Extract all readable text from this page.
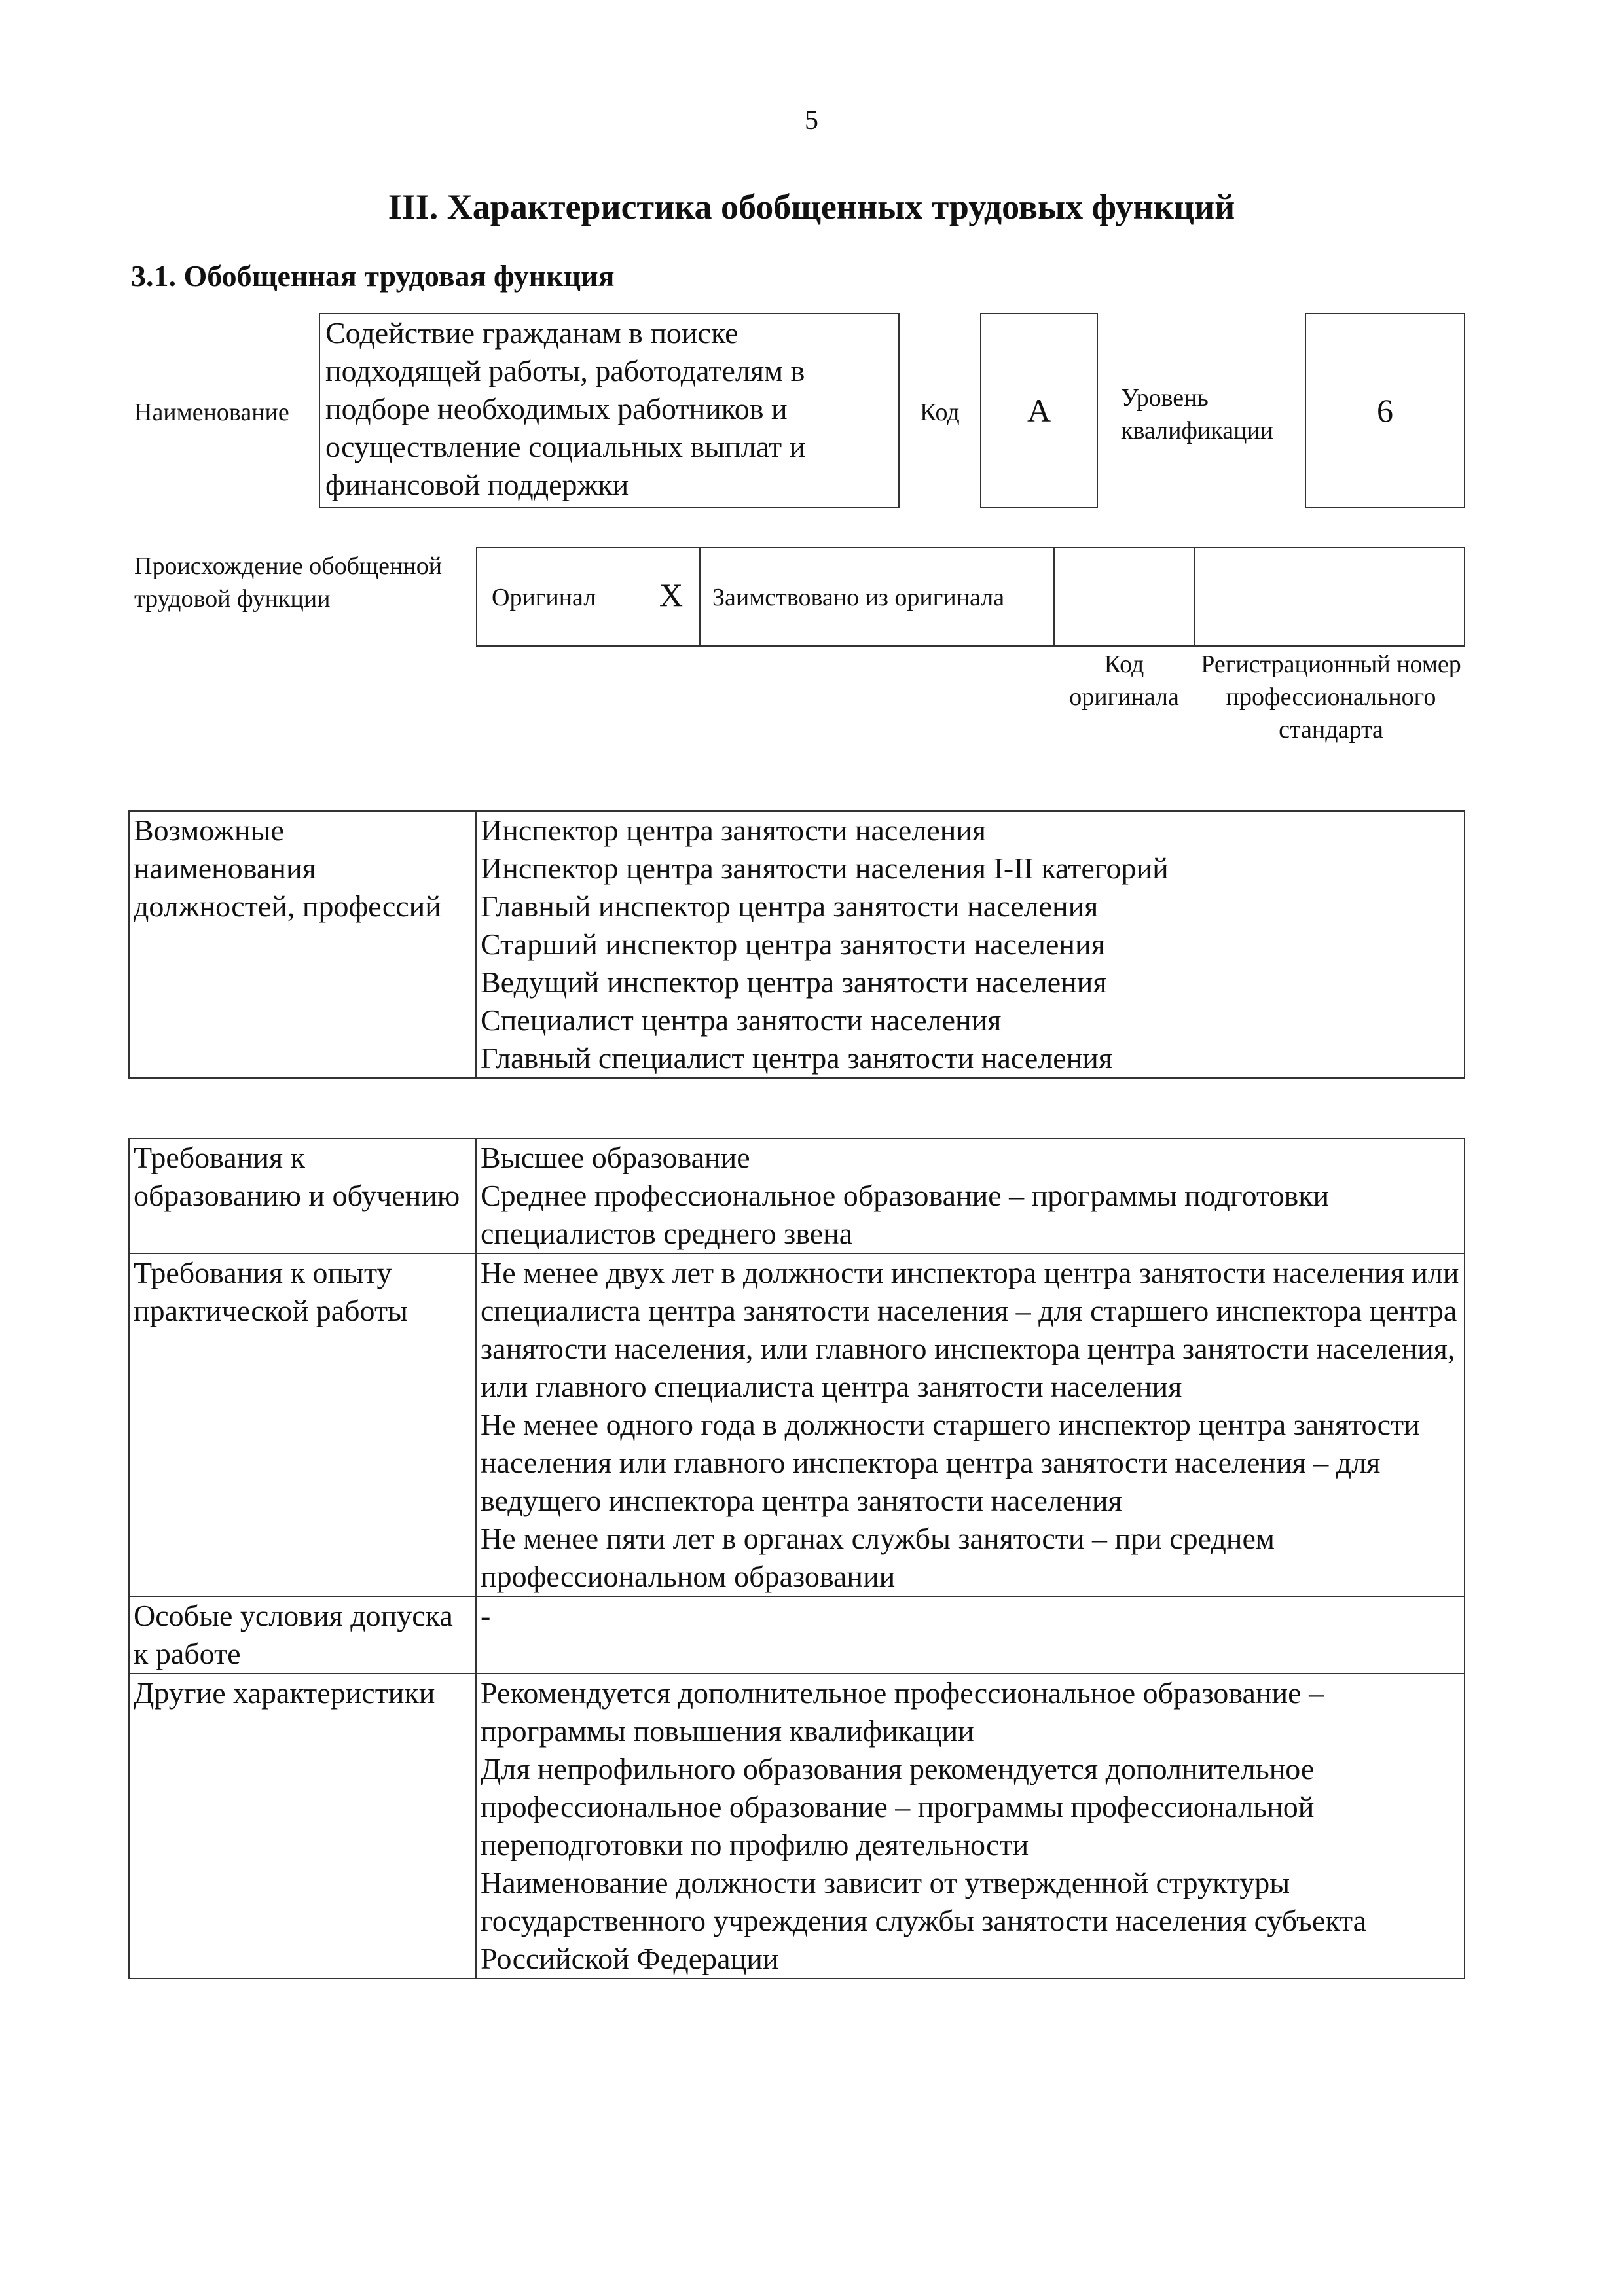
5
III. Характеристика обобщенных трудовых функций
3.1. Обобщенная трудовая функция
Наименование
Содействие гражданам в поиске подходящей работы, работодателям в подборе необходимых работников и осуществление социальных выплат и финансовой поддержки
Код A	Уровень квалификации
6
Происхождение обобщенной трудовой функции	Оригинал X Заимствовано из оригинала
Код оригинала
Регистрационный номер профессионального стандарта
Возможные наименования должностей, профессий	
Инспектор центра занятости населения
Инспектор центра занятости населения I-II категорий
Главный инспектор центра занятости населения
Старший инспектор центра занятости населения
Ведущий инспектор центра занятости населения
Специалист центра занятости населения
Главный специалист центра занятости населения
Требования к образованию и обучению	Высшее образование
Среднее профессиональное образование – программы подготовки специалистов среднего звена

Требования к опыту практической работы	Не менее двух лет в должности инспектора центра занятости населения или специалиста центра занятости населения – для старшего инспектора центра занятости населения, или главного инспектора центра занятости населения, или главного специалиста центра занятости населения
Не менее одного года в должности старшего инспектор центра занятости населения или главного инспектора центра занятости населения – для ведущего инспектора центра занятости населения
Не менее пяти лет в органах службы занятости – при среднем профессиональном образовании

Особые условия допуска к работе	-

Другие характеристики	Рекомендуется дополнительное профессиональное образование – программы повышения квалификации
Для непрофильного образования рекомендуется дополнительное профессиональное образование – программы профессиональной переподготовки по профилю деятельности
Наименование должности зависит от утвержденной структуры государственного учреждения службы занятости населения субъекта Российской Федерации
